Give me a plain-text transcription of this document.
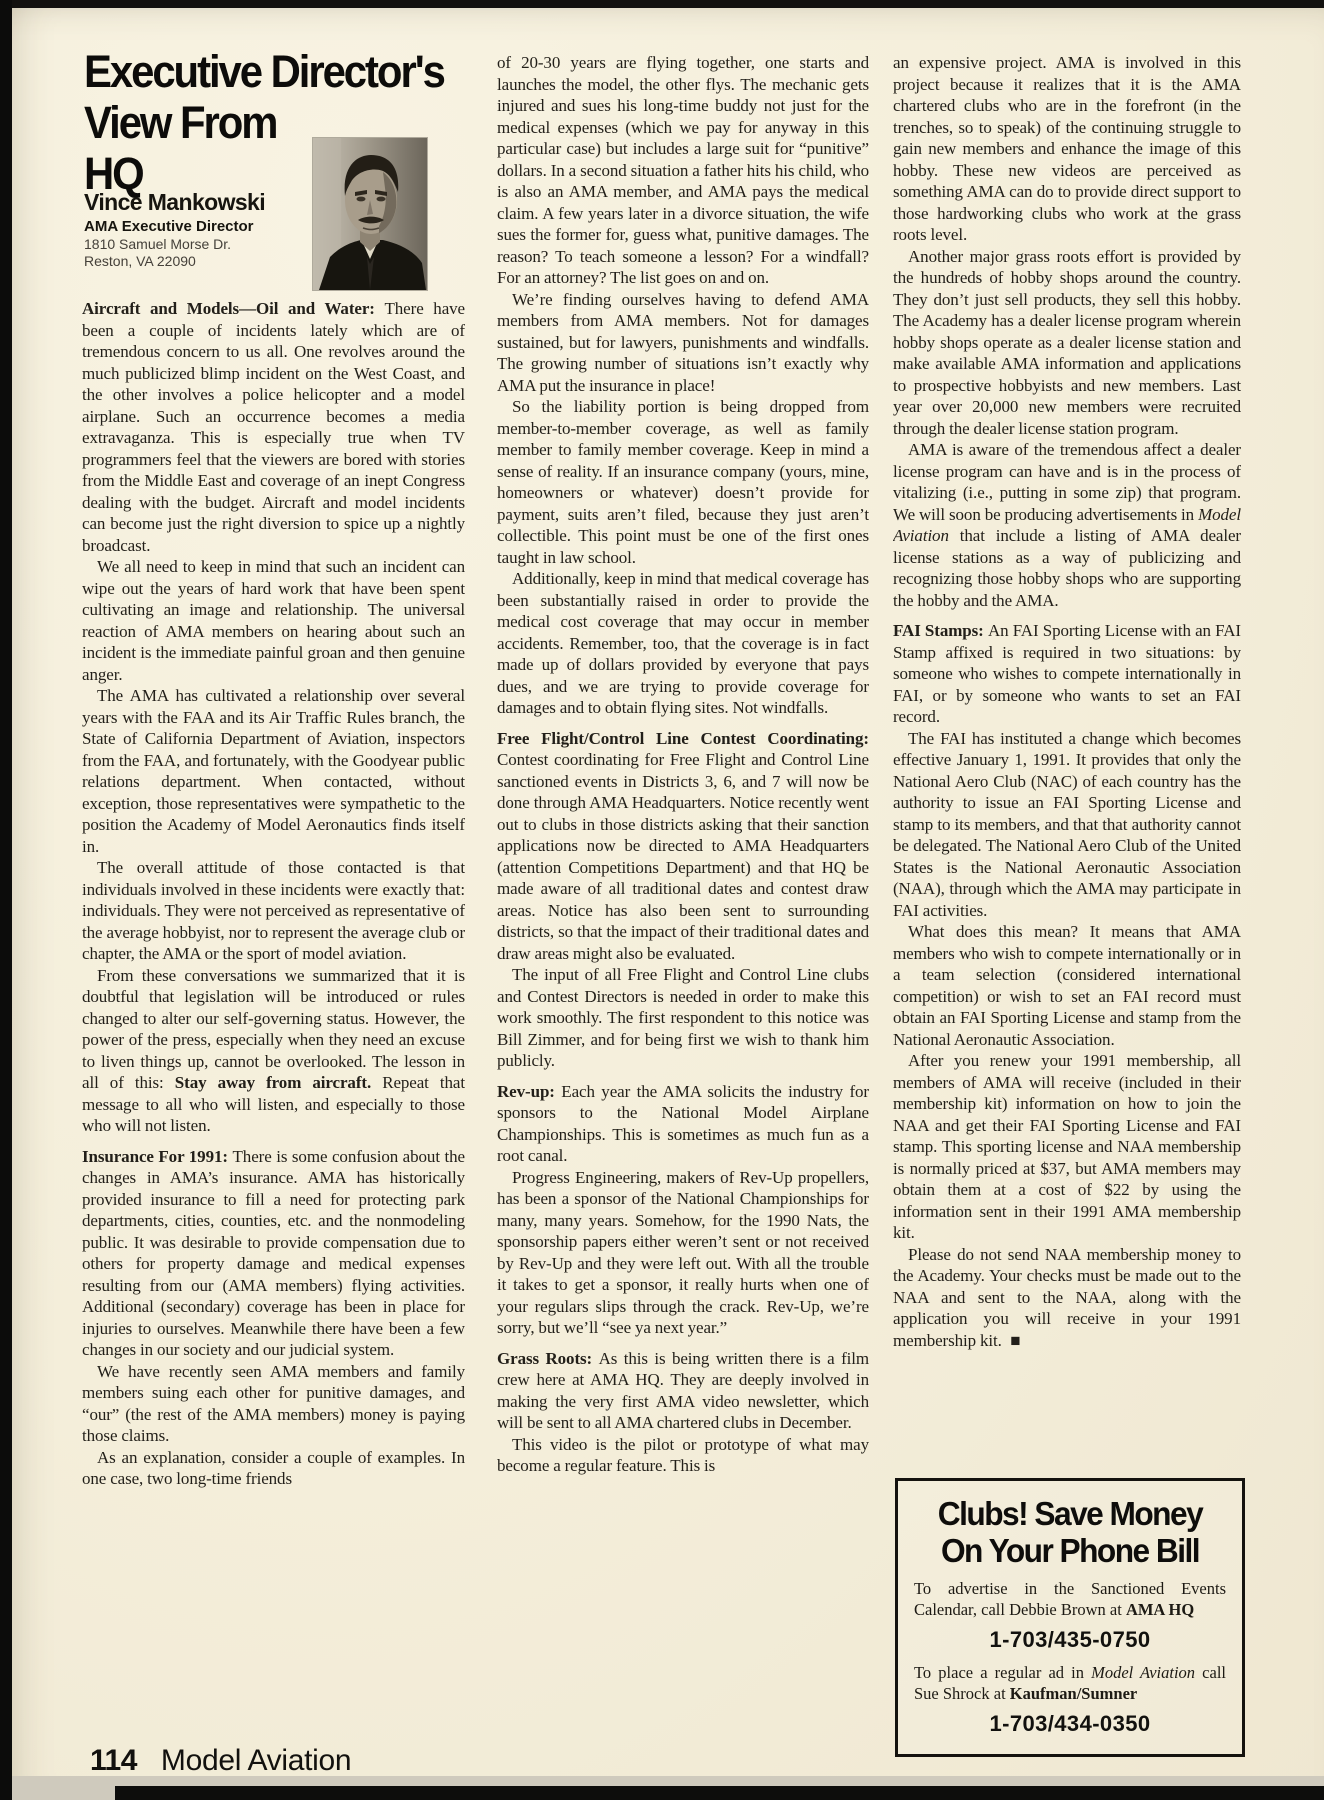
Executive Director's
View From
HQ
Vince Mankowski
AMA Executive Director
1810 Samuel Morse Dr.
Reston, VA 22090

Aircraft and Models—Oil and Water: There have been a couple of incidents lately which are of tremendous concern to us all. One revolves around the much publicized blimp incident on the West Coast, and the other involves a police helicopter and a model airplane. Such an occurrence becomes a media extravaganza. This is especially true when TV programmers feel that the viewers are bored with stories from the Middle East and coverage of an inept Congress dealing with the budget. Aircraft and model incidents can become just the right diversion to spice up a nightly broadcast.

We all need to keep in mind that such an incident can wipe out the years of hard work that have been spent cultivating an image and relationship. The universal reaction of AMA members on hearing about such an incident is the immediate painful groan and then genuine anger.

The AMA has cultivated a relationship over several years with the FAA and its Air Traffic Rules branch, the State of California Department of Aviation, inspectors from the FAA, and fortunately, with the Goodyear public relations department. When contacted, without exception, those representatives were sympathetic to the position the Academy of Model Aeronautics finds itself in.

The overall attitude of those contacted is that individuals involved in these incidents were exactly that: individuals. They were not perceived as representative of the average hobbyist, nor to represent the average club or chapter, the AMA or the sport of model aviation.

From these conversations we summarized that it is doubtful that legislation will be introduced or rules changed to alter our self-governing status. However, the power of the press, especially when they need an excuse to liven things up, cannot be overlooked. The lesson in all of this: Stay away from aircraft. Repeat that message to all who will listen, and especially to those who will not listen.

Insurance For 1991: There is some confusion about the changes in AMA’s insurance. AMA has historically provided insurance to fill a need for protecting park departments, cities, counties, etc. and the nonmodeling public. It was desirable to provide compensation due to others for property damage and medical expenses resulting from our (AMA members) flying activities. Additional (secondary) coverage has been in place for injuries to ourselves. Meanwhile there have been a few changes in our society and our judicial system.

We have recently seen AMA members and family members suing each other for punitive damages, and “our” (the rest of the AMA members) money is paying those claims.

As an explanation, consider a couple of examples. In one case, two long-time friends

of 20-30 years are flying together, one starts and launches the model, the other flys. The mechanic gets injured and sues his long-time buddy not just for the medical expenses (which we pay for anyway in this particular case) but includes a large suit for “punitive” dollars. In a second situation a father hits his child, who is also an AMA member, and AMA pays the medical claim. A few years later in a divorce situation, the wife sues the former for, guess what, punitive damages. The reason? To teach someone a lesson? For a windfall? For an attorney? The list goes on and on.

We’re finding ourselves having to defend AMA members from AMA members. Not for damages sustained, but for lawyers, punishments and windfalls. The growing number of situations isn’t exactly why AMA put the insurance in place!

So the liability portion is being dropped from member-to-member coverage, as well as family member to family member coverage. Keep in mind a sense of reality. If an insurance company (yours, mine, homeowners or whatever) doesn’t provide for payment, suits aren’t filed, because they just aren’t collectible. This point must be one of the first ones taught in law school.

Additionally, keep in mind that medical coverage has been substantially raised in order to provide the medical cost coverage that may occur in member accidents. Remember, too, that the coverage is in fact made up of dollars provided by everyone that pays dues, and we are trying to provide coverage for damages and to obtain flying sites. Not windfalls.

Free Flight/Control Line Contest Coordinating: Contest coordinating for Free Flight and Control Line sanctioned events in Districts 3, 6, and 7 will now be done through AMA Headquarters. Notice recently went out to clubs in those districts asking that their sanction applications now be directed to AMA Headquarters (attention Competitions Department) and that HQ be made aware of all traditional dates and contest draw areas. Notice has also been sent to surrounding districts, so that the impact of their traditional dates and draw areas might also be evaluated.

The input of all Free Flight and Control Line clubs and Contest Directors is needed in order to make this work smoothly. The first respondent to this notice was Bill Zimmer, and for being first we wish to thank him publicly.

Rev-up: Each year the AMA solicits the industry for sponsors to the National Model Airplane Championships. This is sometimes as much fun as a root canal.

Progress Engineering, makers of Rev-Up propellers, has been a sponsor of the National Championships for many, many years. Somehow, for the 1990 Nats, the sponsorship papers either weren’t sent or not received by Rev-Up and they were left out. With all the trouble it takes to get a sponsor, it really hurts when one of your regulars slips through the crack. Rev-Up, we’re sorry, but we’ll “see ya next year.”

Grass Roots: As this is being written there is a film crew here at AMA HQ. They are deeply involved in making the very first AMA video newsletter, which will be sent to all AMA chartered clubs in December.

This video is the pilot or prototype of what may become a regular feature. This is

an expensive project. AMA is involved in this project because it realizes that it is the AMA chartered clubs who are in the forefront (in the trenches, so to speak) of the continuing struggle to gain new members and enhance the image of this hobby. These new videos are perceived as something AMA can do to provide direct support to those hardworking clubs who work at the grass roots level.

Another major grass roots effort is provided by the hundreds of hobby shops around the country. They don’t just sell products, they sell this hobby. The Academy has a dealer license program wherein hobby shops operate as a dealer license station and make available AMA information and applications to prospective hobbyists and new members. Last year over 20,000 new members were recruited through the dealer license station program.

AMA is aware of the tremendous affect a dealer license program can have and is in the process of vitalizing (i.e., putting in some zip) that program. We will soon be producing advertisements in Model Aviation that include a listing of AMA dealer license stations as a way of publicizing and recognizing those hobby shops who are supporting the hobby and the AMA.

FAI Stamps: An FAI Sporting License with an FAI Stamp affixed is required in two situations: by someone who wishes to compete internationally in FAI, or by someone who wants to set an FAI record.

The FAI has instituted a change which becomes effective January 1, 1991. It provides that only the National Aero Club (NAC) of each country has the authority to issue an FAI Sporting License and stamp to its members, and that that authority cannot be delegated. The National Aero Club of the United States is the National Aeronautic Association (NAA), through which the AMA may participate in FAI activities.

What does this mean? It means that AMA members who wish to compete internationally or in a team selection (considered international competition) or wish to set an FAI record must obtain an FAI Sporting License and stamp from the National Aeronautic Association.

After you renew your 1991 membership, all members of AMA will receive (included in their membership kit) information on how to join the NAA and get their FAI Sporting License and FAI stamp. This sporting license and NAA membership is normally priced at $37, but AMA members may obtain them at a cost of $22 by using the information sent in their 1991 AMA membership kit.

Please do not send NAA membership money to the Academy. Your checks must be made out to the NAA and sent to the NAA, along with the application you will receive in your 1991 membership kit. ■

Clubs! Save Money
On Your Phone Bill

To advertise in the Sanctioned Events Calendar, call Debbie Brown at AMA HQ

1-703/435-0750

To place a regular ad in Model Aviation call Sue Shrock at Kaufman/Sumner

1-703/434-0350
114 Model Aviation
